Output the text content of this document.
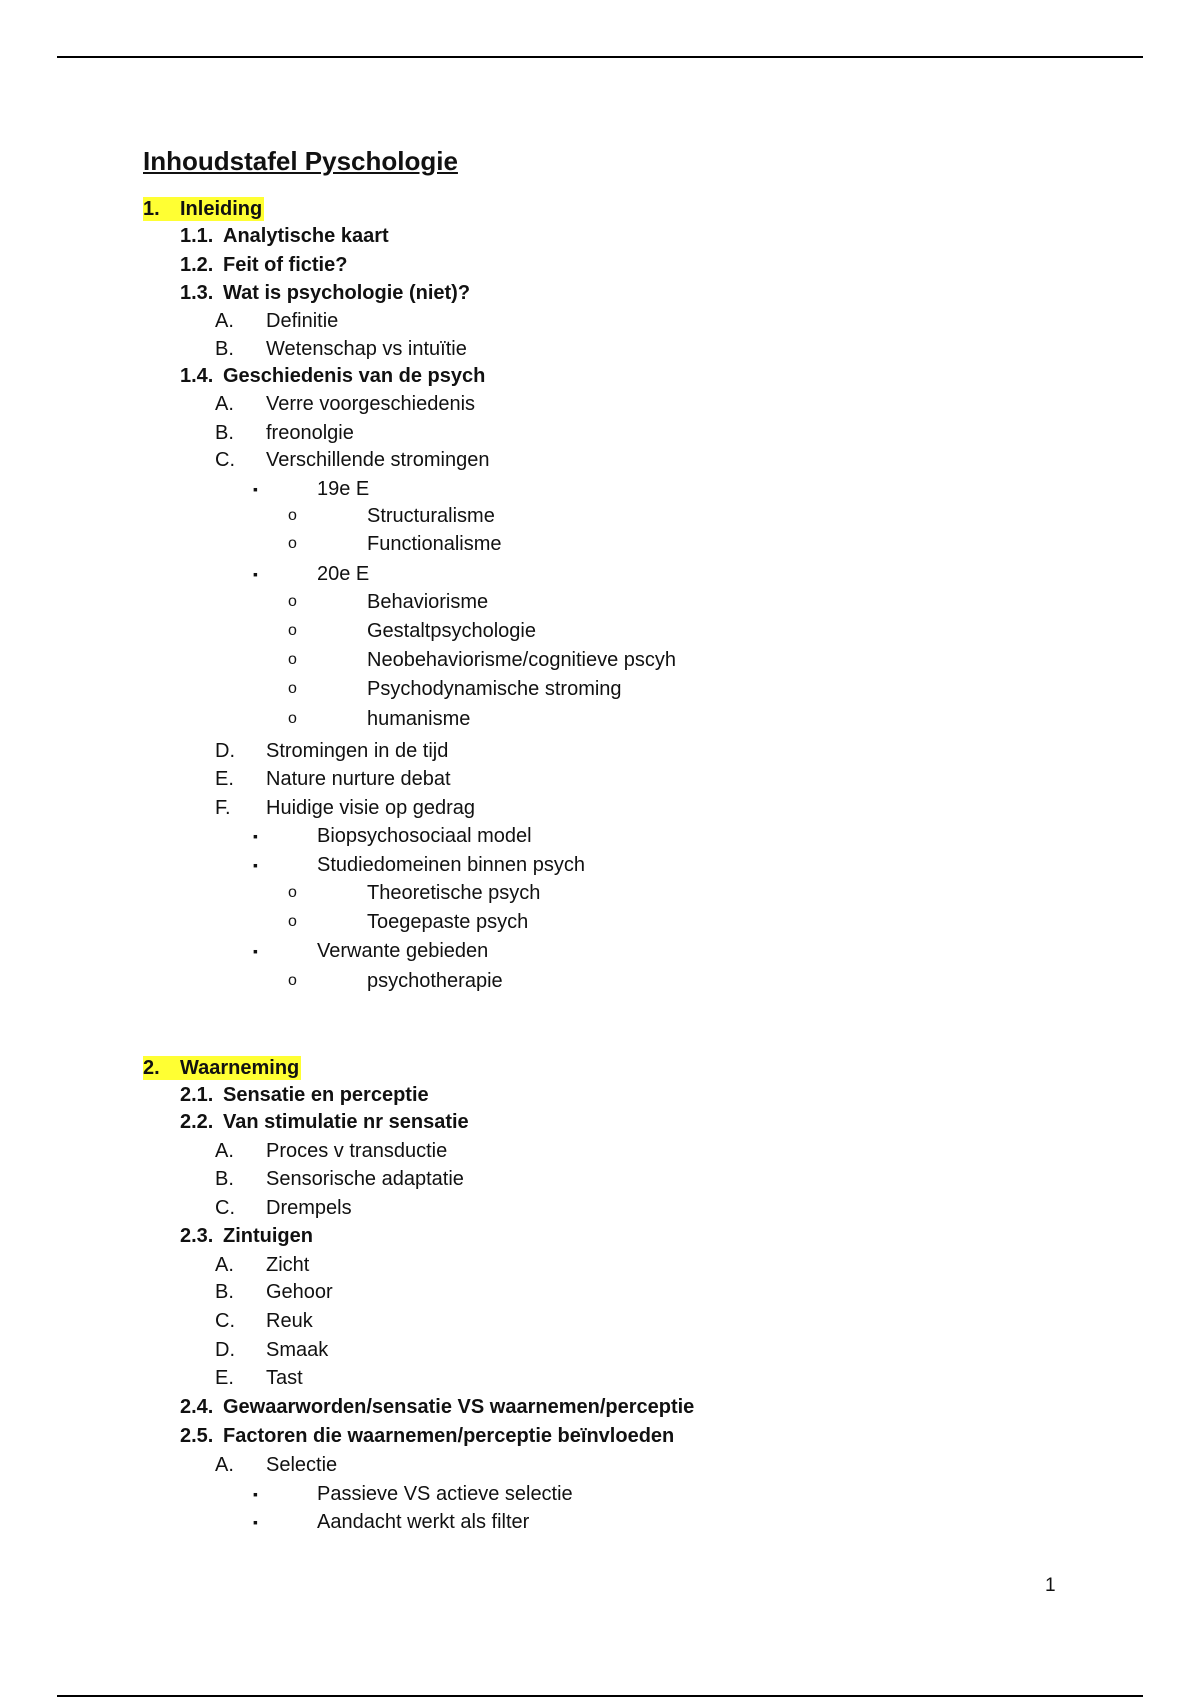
Inhoudstafel Pyschologie
1.	Inleiding
1.1. Analytische kaart
1.2. Feit of fictie?
1.3. Wat is psychologie (niet)?
A. Definitie
B. Wetenschap vs intuïtie
1.4. Geschiedenis van de psych
A. Verre voorgeschiedenis
B. freonolgie
C. Verschillende stromingen
▪	19e E
o	Structuralisme
o	Functionalisme
▪	20e E
o	Behaviorisme
o	Gestaltpsychologie
o	Neobehaviorisme/cognitieve pscyh
o	Psychodynamische stroming
o	humanisme
D. Stromingen in de tijd
E. Nature nurture debat
F. Huidige visie op gedrag
▪	Biopsychosociaal model
▪	Studiedomeinen binnen psych
o	Theoretische psych
o	Toegepaste psych
▪	Verwante gebieden
o	psychotherapie
2.	Waarneming
2.1. Sensatie en perceptie
2.2. Van stimulatie nr sensatie
A. Proces v transductie
B. Sensorische adaptatie
C. Drempels
2.3. Zintuigen
A. Zicht
B. Gehoor
C. Reuk
D. Smaak
E. Tast
2.4. Gewaarworden/sensatie VS waarnemen/perceptie
2.5. Factoren die waarnemen/perceptie beïnvloeden
A. Selectie
▪	Passieve VS actieve selectie
▪	Aandacht werkt als filter
1
